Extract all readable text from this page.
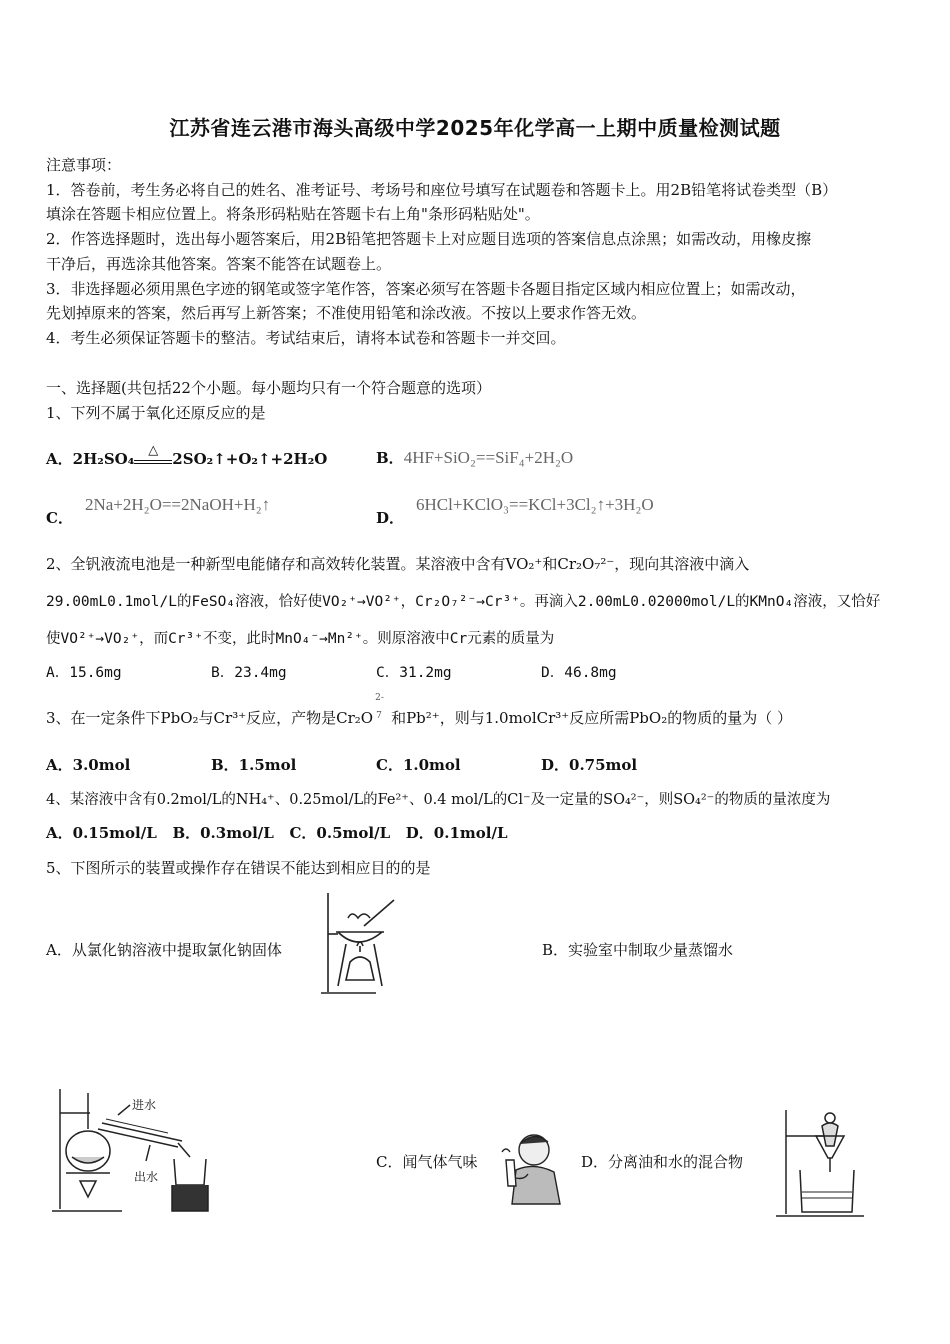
江苏省连云港市海头高级中学2025年化学高一上期中质量检测试题
注意事项：
1．答卷前，考生务必将自己的姓名、准考证号、考场号和座位号填写在试题卷和答题卡上。用2B铅笔将试卷类型（B）
填涂在答题卡相应位置上。将条形码粘贴在答题卡右上角"条形码粘贴处"。
2．作答选择题时，选出每小题答案后，用2B铅笔把答题卡上对应题目选项的答案信息点涂黑；如需改动，用橡皮擦
干净后，再选涂其他答案。答案不能答在试题卷上。
3．非选择题必须用黑色字迹的钢笔或签字笔作答，答案必须写在答题卡各题目指定区域内相应位置上；如需改动，
先划掉原来的答案，然后再写上新答案；不准使用铅笔和涂改液。不按以上要求作答无效。
4．考生必须保证答题卡的整洁。考试结束后，请将本试卷和答题卡一并交回。
一、选择题(共包括22个小题。每小题均只有一个符合题意的选项）
1、下列不属于氧化还原反应的是
A．2H₂SO₄	△ 2SO₂↑+O₂↑+2H₂O	B．4HF+SiO₂==SiF₄+2H₂O
C．2Na+2H₂O==2NaOH+H₂↑
D．6HCl+KClO₃==KCl+3Cl₂↑+3H₂O
2、全钒液流电池是一种新型电能储存和高效转化装置。某溶液中含有VO₂⁺和Cr₂O₇²⁻，现向其溶液中滴入
29.00mL0.1mol/L的FeSO₄溶液，恰好使VO₂⁺→VO²⁺，Cr₂O₇²⁻→Cr³⁺。再滴入2.00mL0.02000mol/L的KMnO₄溶液，又恰好
使VO²⁺→VO₂⁺，而Cr³⁺不变，此时MnO₄⁻→Mn²⁺。则原溶液中Cr元素的质量为
A．15.6mg	B．23.4mg	C．31.2mg	D．46.8mg
3、在一定条件下PbO₂与Cr³⁺反应，产物是Cr₂O
2-
7 和Pb²⁺，则与1.0molCr³⁺反应所需PbO₂的物质的量为（ ）
A．3.0mol	B．1.5mol	C．1.0mol	D．0.75mol
4、某溶液中含有0.2mol/L的NH₄⁺、0.25mol/L的Fe²⁺、0.4 mol/L的Cl⁻及一定量的SO₄²⁻，则SO₄²⁻的物质的量浓度为
A．0.15mol/L   B．0.3mol/L   C．0.5mol/L   D．0.1mol/L
5、下图所示的装置或操作存在错误不能达到相应目的的是
A．从氯化钠溶液中提取氯化钠固体	B．实验室中制取少量蒸馏水
C．闻气体气味	D．分离油和水的混合物
进水
出水
